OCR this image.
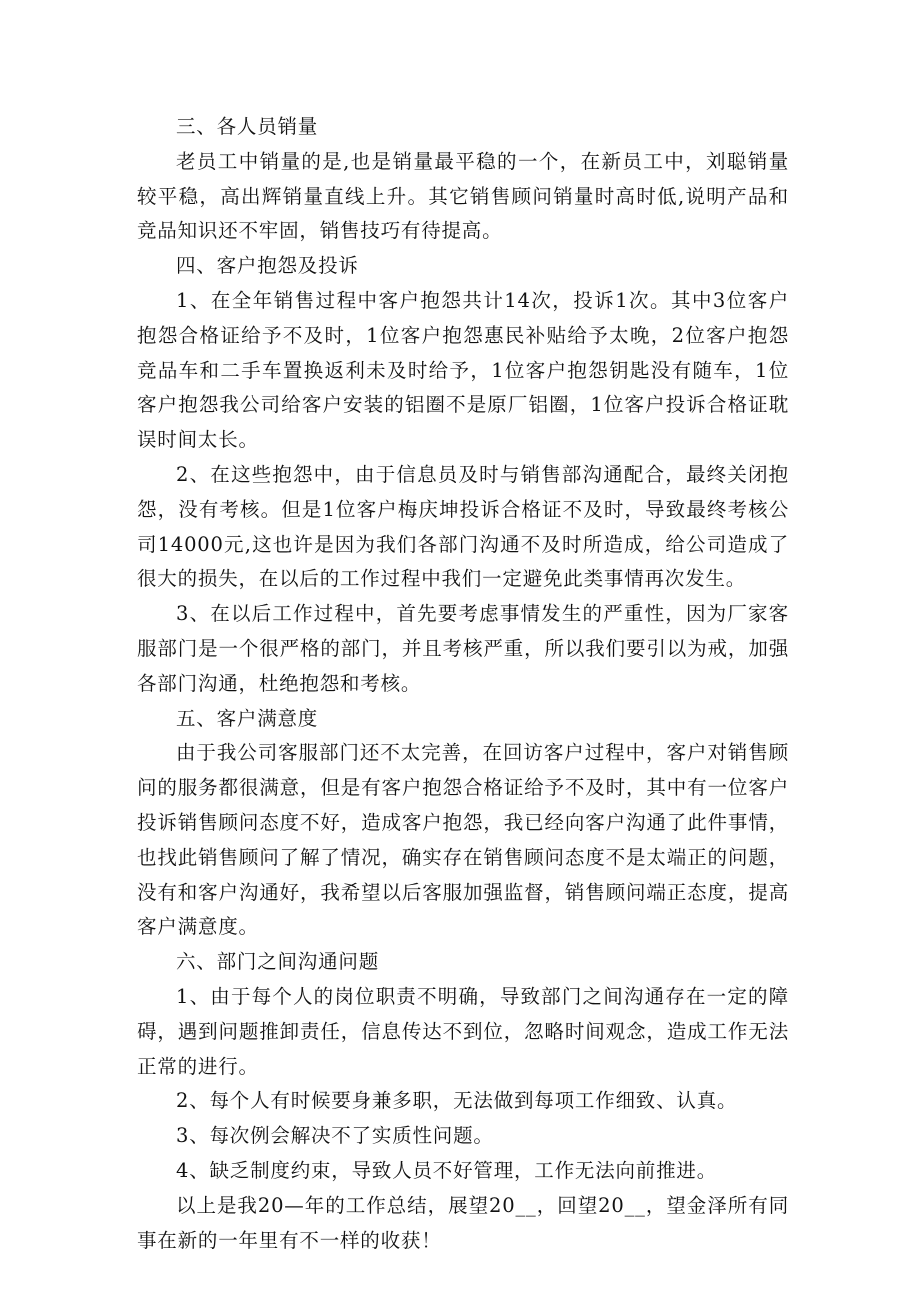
三、各人员销量

老员工中销量的是,也是销量最平稳的一个，在新员工中，刘聪销量较平稳，高出辉销量直线上升。其它销售顾问销量时高时低,说明产品和竞品知识还不牢固，销售技巧有待提高。

四、客户抱怨及投诉

1、在全年销售过程中客户抱怨共计14次，投诉1次。其中3位客户抱怨合格证给予不及时，1位客户抱怨惠民补贴给予太晚，2位客户抱怨竞品车和二手车置换返利未及时给予，1位客户抱怨钥匙没有随车，1位客户抱怨我公司给客户安装的铝圈不是原厂铝圈，1位客户投诉合格证耽误时间太长。

2、在这些抱怨中，由于信息员及时与销售部沟通配合，最终关闭抱怨，没有考核。但是1位客户梅庆坤投诉合格证不及时，导致最终考核公司14000元,这也许是因为我们各部门沟通不及时所造成，给公司造成了很大的损失，在以后的工作过程中我们一定避免此类事情再次发生。

3、在以后工作过程中，首先要考虑事情发生的严重性，因为厂家客服部门是一个很严格的部门，并且考核严重，所以我们要引以为戒，加强各部门沟通，杜绝抱怨和考核。

五、客户满意度

由于我公司客服部门还不太完善，在回访客户过程中，客户对销售顾问的服务都很满意，但是有客户抱怨合格证给予不及时，其中有一位客户投诉销售顾问态度不好，造成客户抱怨，我已经向客户沟通了此件事情，也找此销售顾问了解了情况，确实存在销售顾问态度不是太端正的问题，没有和客户沟通好，我希望以后客服加强监督，销售顾问端正态度，提高客户满意度。

六、部门之间沟通问题

1、由于每个人的岗位职责不明确，导致部门之间沟通存在一定的障碍，遇到问题推卸责任，信息传达不到位，忽略时间观念，造成工作无法正常的进行。

2、每个人有时候要身兼多职，无法做到每项工作细致、认真。

3、每次例会解决不了实质性问题。

4、缺乏制度约束，导致人员不好管理，工作无法向前推进。

以上是我20—年的工作总结，展望20__，回望20__，望金泽所有同事在新的一年里有不一样的收获！
